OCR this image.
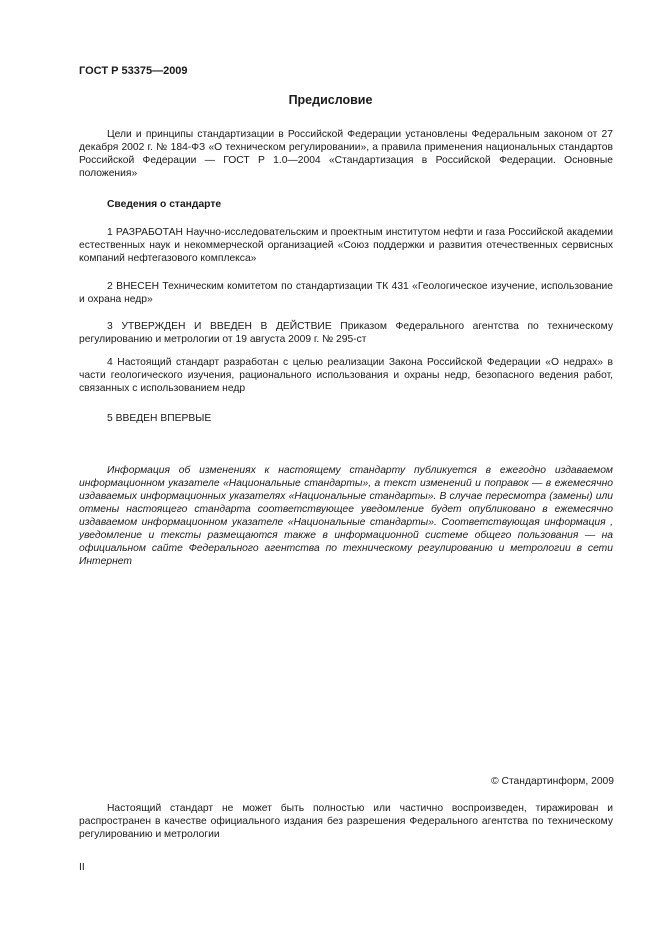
ГОСТ Р 53375—2009
Предисловие
Цели и принципы стандартизации в Российской Федерации установлены Федеральным законом от 27 декабря 2002 г. № 184-ФЗ «О техническом регулировании», а правила применения национальных стандартов Российской Федерации — ГОСТ Р 1.0—2004 «Стандартизация в Российской Федерации. Основные положения»
Сведения о стандарте
1 РАЗРАБОТАН Научно-исследовательским и проектным институтом нефти и газа Российской академии естественных наук и некоммерческой организацией «Союз поддержки и развития отечественных сервисных компаний нефтегазового комплекса»
2 ВНЕСЕН Техническим комитетом по стандартизации ТК 431 «Геологическое изучение, использование и охрана недр»
3 УТВЕРЖДЕН И ВВЕДЕН В ДЕЙСТВИЕ Приказом Федерального агентства по техническому регулированию и метрологии от 19 августа 2009 г. № 295-ст
4 Настоящий стандарт разработан с целью реализации Закона Российской Федерации «О недрах» в части геологического изучения, рационального использования и охраны недр, безопасного ведения работ, связанных с использованием недр
5 ВВЕДЕН ВПЕРВЫЕ
Информация об изменениях к настоящему стандарту публикуется в ежегодно издаваемом информационном указателе «Национальные стандарты», а текст изменений и поправок — в ежемесячно издаваемых информационных указателях «Национальные стандарты». В случае пересмотра (замены) или отмены настоящего стандарта соответствующее уведомление будет опубликовано в ежемесячно издаваемом информационном указателе «Национальные стандарты». Соответствующая информация , уведомление и тексты размещаются также в информационной системе общего пользования — на официальном сайте Федерального агентства по техническому регулированию и метрологии в сети Интернет
© Стандартинформ, 2009
Настоящий стандарт не может быть полностью или частично воспроизведен, тиражирован и распространен в качестве официального издания без разрешения Федерального агентства по техническому регулированию и метрологии
II
